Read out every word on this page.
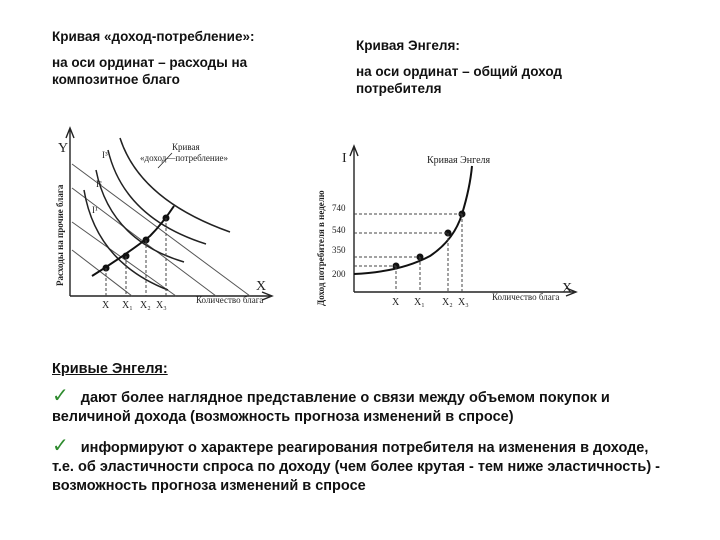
Кривая «доход-потребление»:
на оси ординат – расходы на композитное благо
Кривая Энгеля:
на оси ординат – общий доход потребителя
Расходы на прочие блага
Y
X
Количество блага
I³
I²
I¹
X X₁ X₂ X₃
Кривая
«доход—потребление»
Доход потребителя в неделю
I
X
Количество блага
740
540
350
200
X X₁ X₂ X₃
Кривая Энгеля
Кривые Энгеля:
✓ дают более наглядное представление о связи между объемом покупок и величиной дохода (возможность прогноза изменений в спросе)
✓ информируют о характере реагирования потребителя на изменения в доходе, т.е. об эластичности спроса по доходу (чем более крутая - тем ниже эластичность) - возможность прогноза изменений в спросе
